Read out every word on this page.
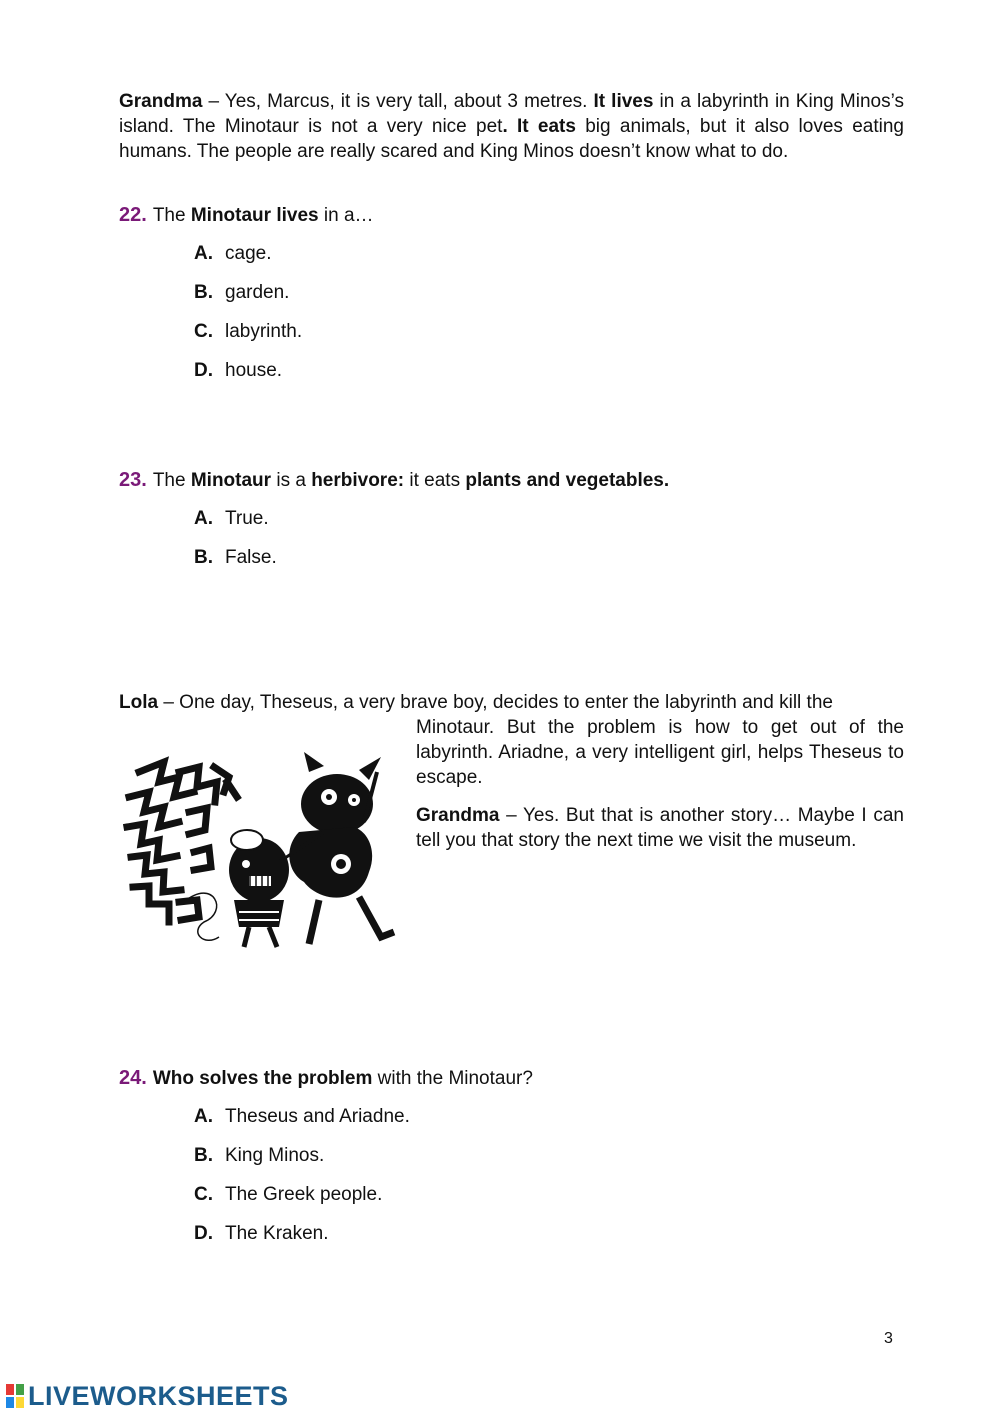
Grandma – Yes, Marcus, it is very tall, about 3 metres. It lives in a labyrinth in King Minos’s island. The Minotaur is not a very nice pet. It eats big animals, but it also loves eating humans. The people are really scared and King Minos doesn’t know what to do.

22. The Minotaur lives in a…

A. cage.

B. garden.

C. labyrinth.

D. house.

23. The Minotaur is a herbivore: it eats plants and vegetables.

A. True.

B. False.

Lola – One day, Theseus, a very brave boy, decides to enter the labyrinth and kill the

Minotaur. But the problem is how to get out of the labyrinth. Ariadne, a very intelligent girl, helps Theseus to escape.

Grandma – Yes. But that is another story… Maybe I can tell you that story the next time we visit the museum.

24. Who solves the problem with the Minotaur?

A. Theseus and Ariadne.

B. King Minos.

C. The Greek people.

D. The Kraken.

3
LIVEWORKSHEETS
